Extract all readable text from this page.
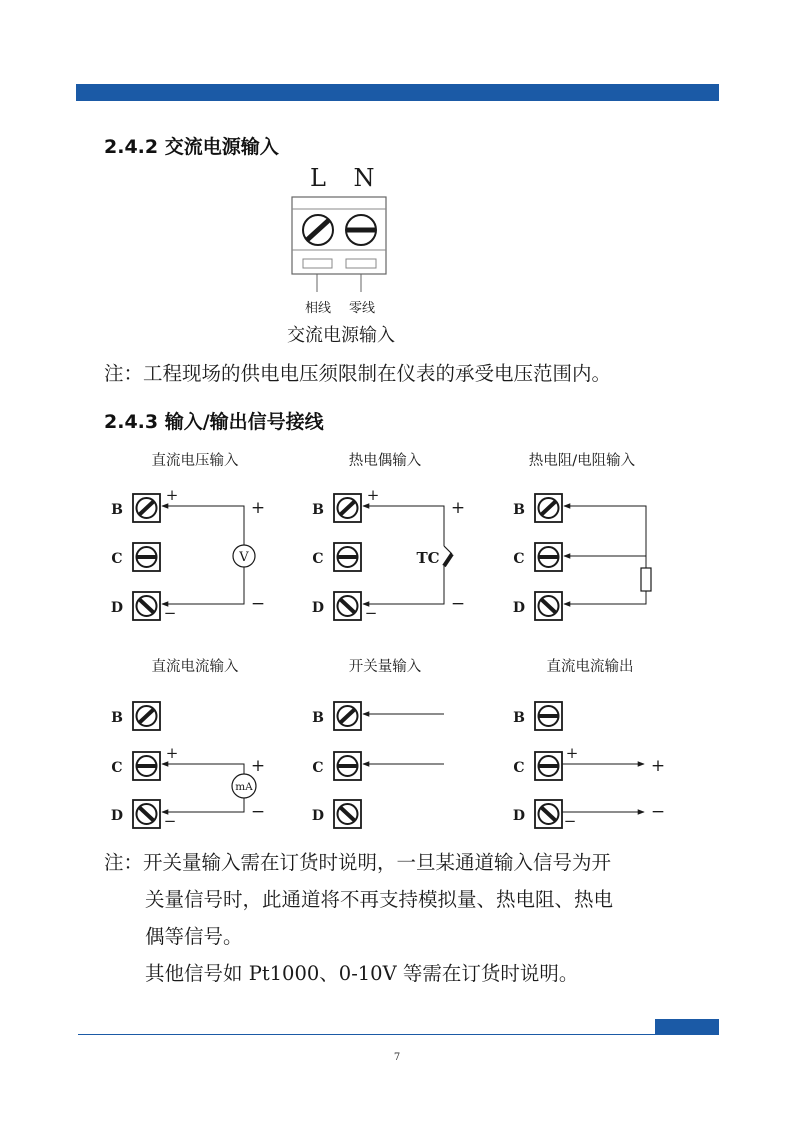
2.4.2 交流电源输入
L N
相线 零线
交流电源输入
直流电压输入
B
C
D
V
+
+
−	−
热电偶输入
B
C
D
TC
+
+
−	−
热电阻/电阻输入
B
C
D
直流电流输入
B
C
D
mA
+
+
−	−
开关量输入
B
C
D
直流电流输出
B
C
D
+
+
−	−
注：工程现场的供电电压须限制在仪表的承受电压范围内。
2.4.3 输入/输出信号接线
注：开关量输入需在订货时说明，一旦某通道输入信号为开
关量信号时，此通道将不再支持模拟量、热电阻、热电
偶等信号。
其他信号如 Pt1000、0-10V 等需在订货时说明。
7
